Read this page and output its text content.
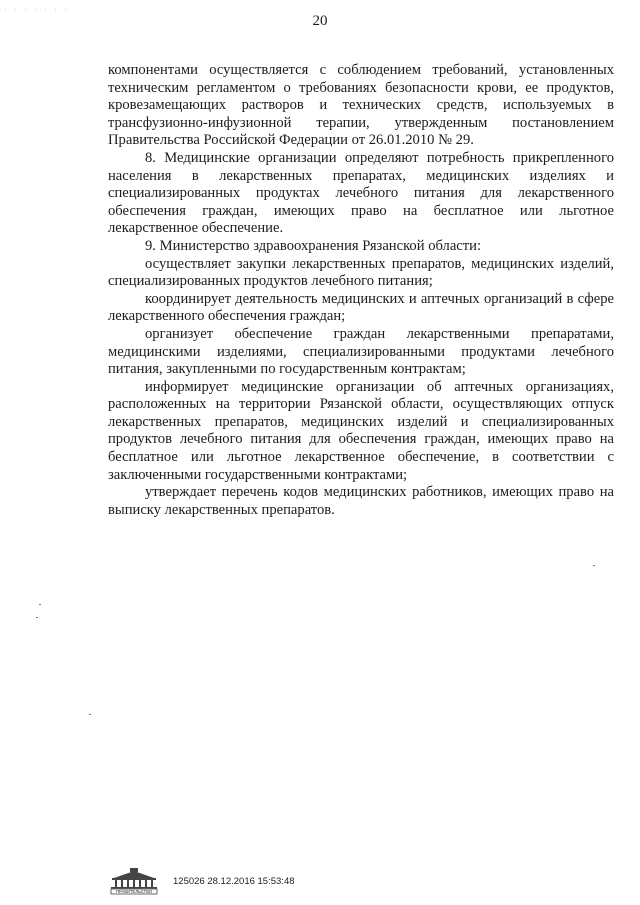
· · · · · · ·
20

компонентами осуществляется с соблюдением требований, установленных техническим регламентом о требованиях безопасности крови, ее продуктов, кровезамещающих растворов и технических средств, используемых в трансфузионно-инфузионной терапии, утвержденным постановлением Правительства Российской Федерации от 26.01.2010 № 29.

8. Медицинские организации определяют потребность прикрепленного населения в лекарственных препаратах, медицинских изделиях и специализированных продуктах лечебного питания для лекарственного обеспечения граждан, имеющих право на бесплатное или льготное лекарственное обеспечение.

9. Министерство здравоохранения Рязанской области:

осуществляет закупки лекарственных препаратов, медицинских изделий, специализированных продуктов лечебного питания;

координирует деятельность медицинских и аптечных организаций в сфере лекарственного обеспечения граждан;

организует обеспечение граждан лекарственными препаратами, медицинскими изделиями, специализированными продуктами лечебного питания, закупленными по государственным контрактам;

информирует медицинские организации об аптечных организациях, расположенных на территории Рязанской области, осуществляющих отпуск лекарственных препаратов, медицинских изделий и специализированных продуктов лечебного питания для обеспечения граждан, имеющих право на бесплатное или льготное лекарственное обеспечение, в соответствии с заключенными государственными контрактами;

утверждает перечень кодов медицинских работников, имеющих право на выписку лекарственных препаратов.

ПРАВИТЕЛЬСТВО
125026 28.12.2016 15:53:48
